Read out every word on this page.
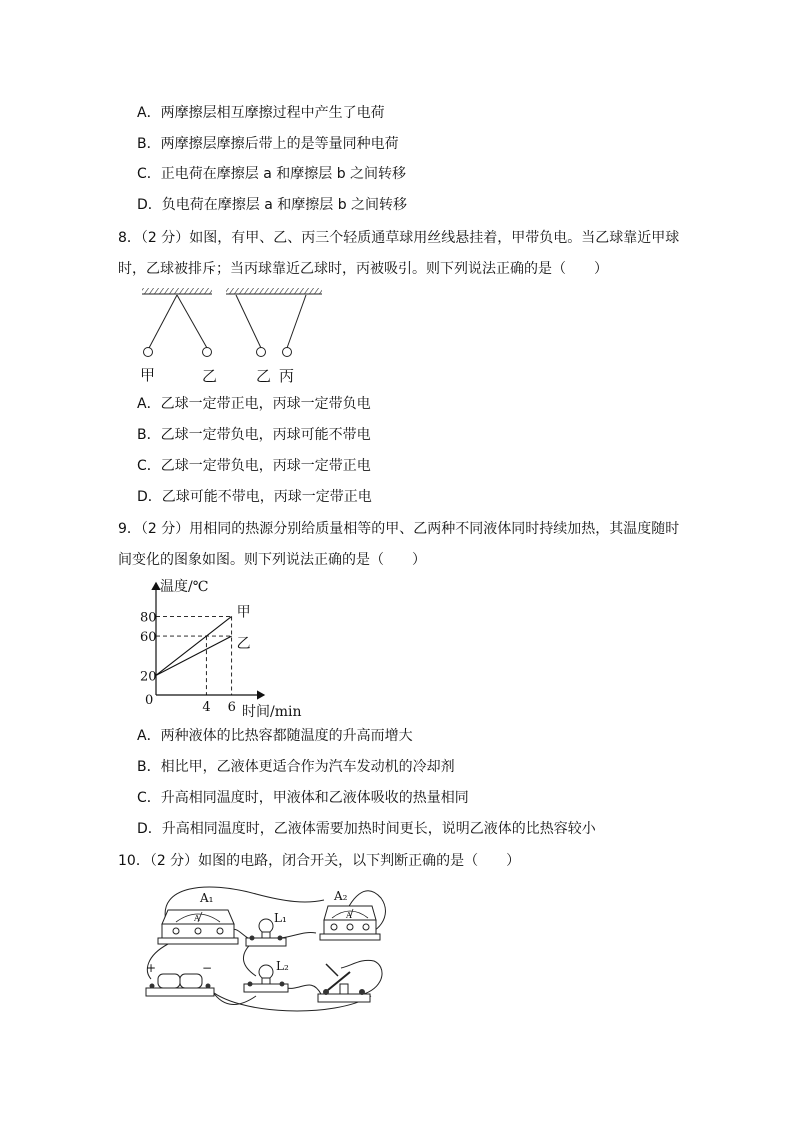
A．两摩擦层相互摩擦过程中产生了电荷
B．两摩擦层摩擦后带上的是等量同种电荷
C．正电荷在摩擦层 a 和摩擦层 b 之间转移
D．负电荷在摩擦层 a 和摩擦层 b 之间转移
8．（2 分）如图，有甲、乙、丙三个轻质通草球用丝线悬挂着，甲带负电。当乙球靠近甲球
时，乙球被排斥；当丙球靠近乙球时，丙被吸引。则下列说法正确的是（　　）
甲	乙	乙 丙
A．乙球一定带正电，丙球一定带负电
B．乙球一定带负电，丙球可能不带电
C．乙球一定带负电，丙球一定带正电
D．乙球可能不带电，丙球一定带正电
9．（2 分）用相同的热源分别给质量相等的甲、乙两种不同液体同时持续加热，其温度随时
间变化的图象如图。则下列说法正确的是（　　）
温度/℃
时间/min
20
60
80
0	4 6
甲
乙
A．两种液体的比热容都随温度的升高而增大
B．相比甲，乙液体更适合作为汽车发动机的冷却剂
C．升高相同温度时，甲液体和乙液体吸收的热量相同
D．升高相同温度时，乙液体需要加热时间更长，说明乙液体的比热容较小
10．（2 分）如图的电路，闭合开关，以下判断正确的是（　　）
A
A₁
A
A₂
L₁
L₂
+	−
